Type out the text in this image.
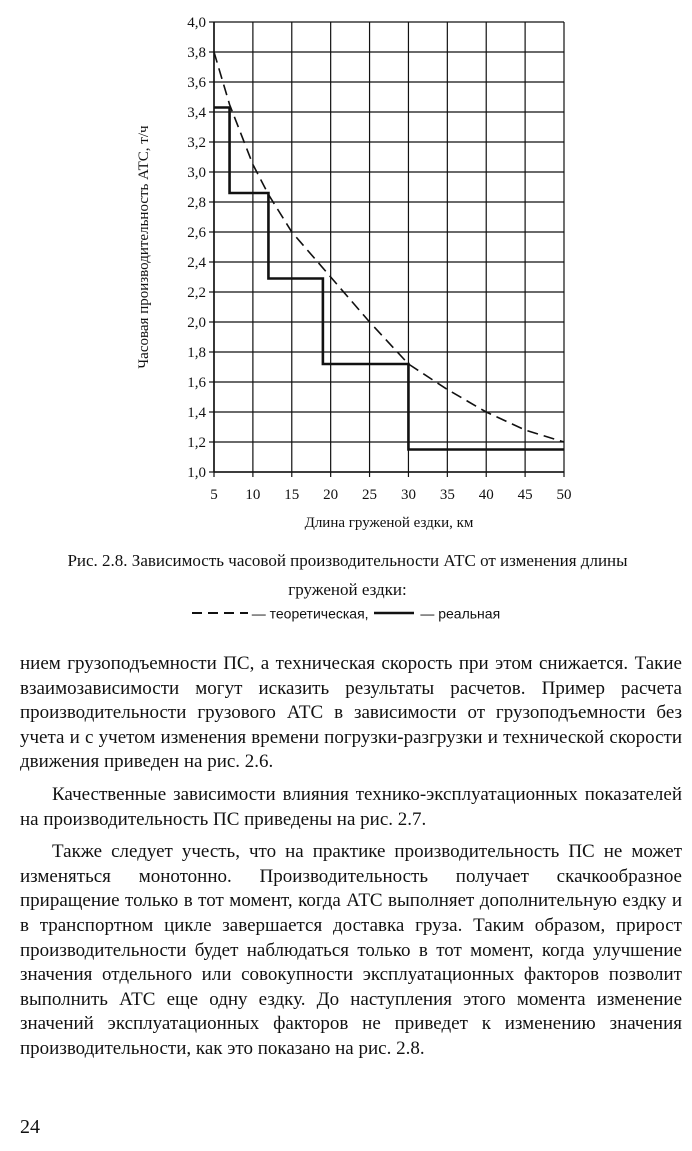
5 10 15 20 25 30 35 40 45 50
1,0
1,2
1,4
1,6
1,8
2,0
2,2
2,4
2,6
2,8
3,0
3,2
3,4
3,6
3,8
4,0
Длина груженой ездки, км
Часовая производительность АТС, т/ч
Рис. 2.8. Зависимость часовой производительности АТС от изменения длины
груженой ездки:
— теоретическая,	— реальная

нием грузоподъемности ПС, а техническая скорость при этом снижается. Такие взаимозависимости могут исказить результаты расчетов. Пример расчета производительности грузового АТС в зависимости от грузоподъемности без учета и с учетом изменения времени погрузки-разгрузки и технической скорости движения приведен на рис. 2.6.

Качественные зависимости влияния технико-эксплуатационных показателей на производительность ПС приведены на рис. 2.7.

Также следует учесть, что на практике производительность ПС не может изменяться монотонно. Производительность получает скачкообразное приращение только в тот момент, когда АТС выполняет дополнительную ездку и в транспортном цикле завершается доставка груза. Таким образом, прирост производительности будет наблюдаться только в тот момент, когда улучшение значения отдельного или совокупности эксплуатационных факторов позволит выполнить АТС еще одну ездку. До наступления этого момента изменение значений эксплуатационных факторов не приведет к изменению значения производительности, как это показано на рис. 2.8.

24
